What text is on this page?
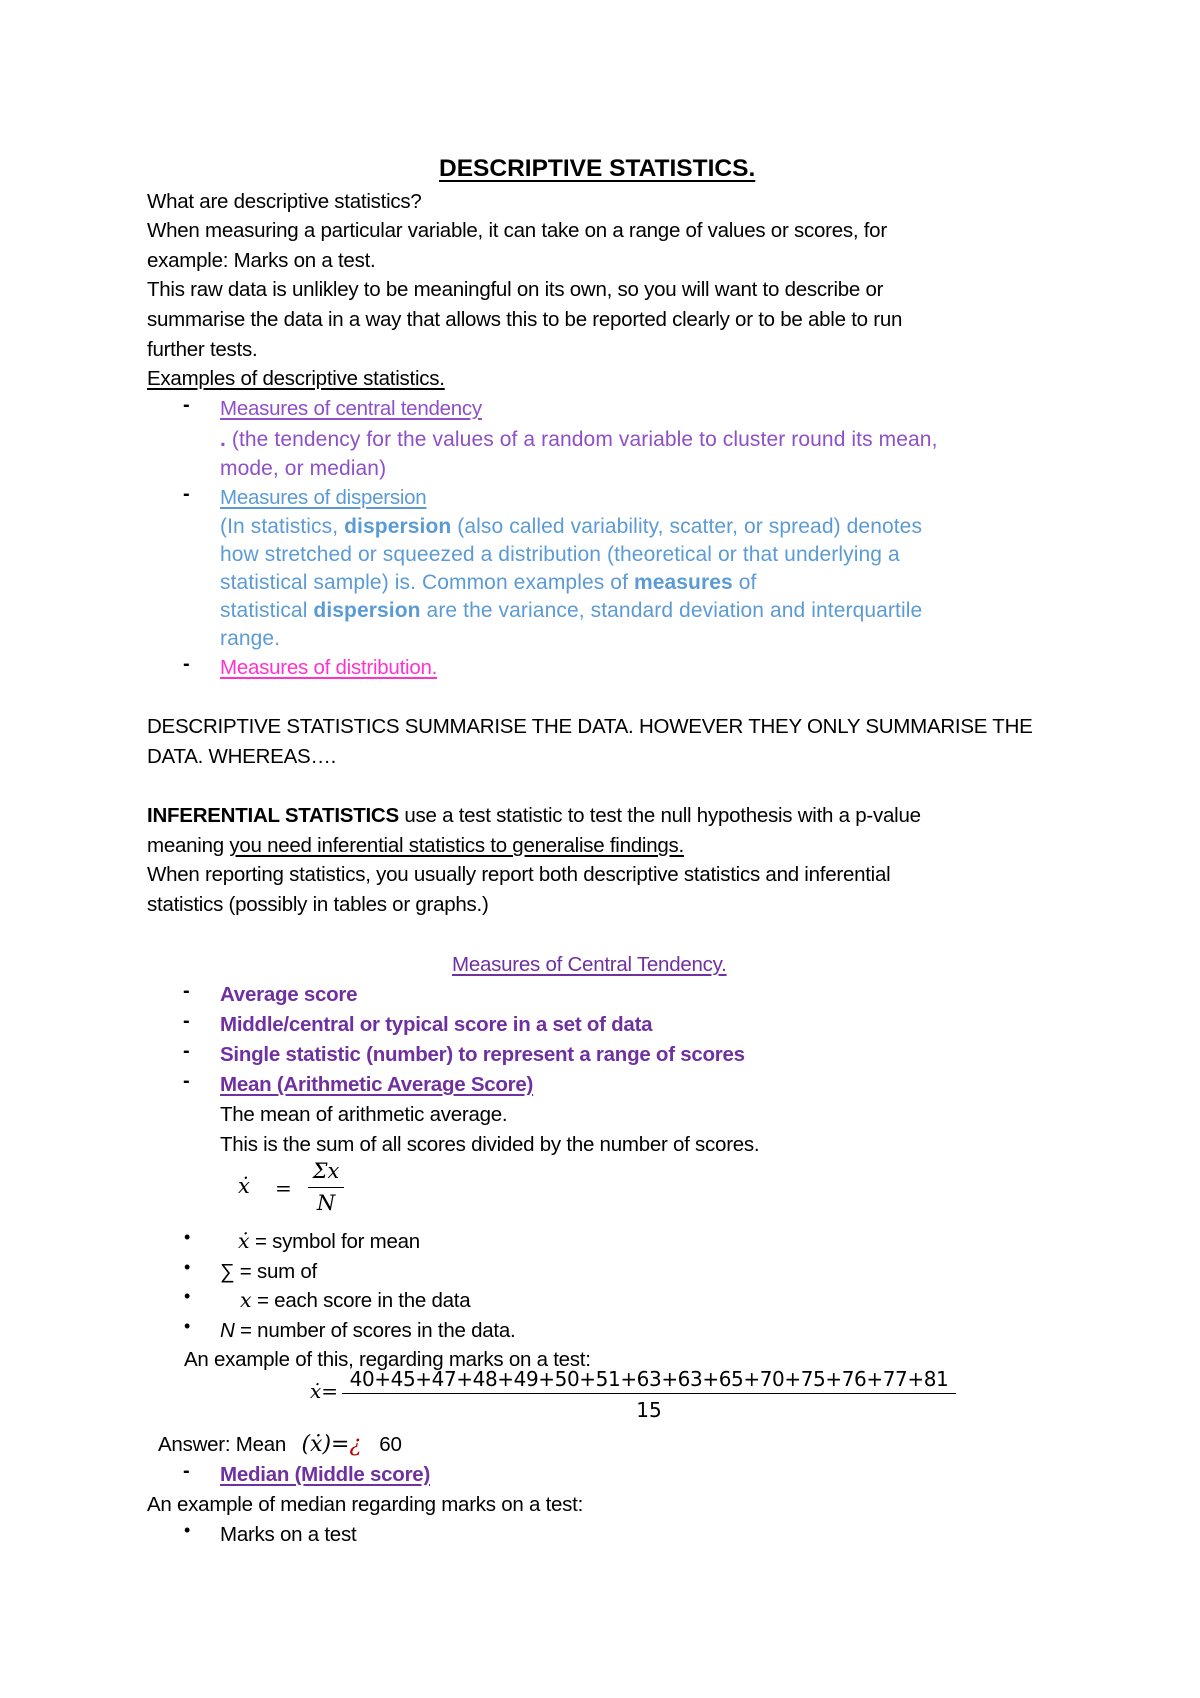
DESCRIPTIVE STATISTICS.
What are descriptive statistics?
When measuring a particular variable, it can take on a range of values or scores, for
example: Marks on a test.
This raw data is unlikley to be meaningful on its own, so you will want to describe or
summarise the data in a way that allows this to be reported clearly or to be able to run
further tests.
Examples of descriptive statistics.
- Measures of central tendency
. (the tendency for the values of a random variable to cluster round its mean,
mode, or median)
- Measures of dispersion
(In statistics, dispersion (also called variability, scatter, or spread) denotes
how stretched or squeezed a distribution (theoretical or that underlying a
statistical sample) is. Common examples of measures of
statistical dispersion are the variance, standard deviation and interquartile
range.
- Measures of distribution.
DESCRIPTIVE STATISTICS SUMMARISE THE DATA. HOWEVER THEY ONLY SUMMARISE THE
DATA. WHEREAS….
INFERENTIAL STATISTICS use a test statistic to test the null hypothesis with a p-value
meaning you need inferential statistics to generalise findings.
When reporting statistics, you usually report both descriptive statistics and inferential
statistics (possibly in tables or graphs.)
Measures of Central Tendency.
- Average score
- Middle/central or typical score in a set of data
- Single statistic (number) to represent a range of scores
- Mean (Arithmetic Average Score)
The mean of arithmetic average.
This is the sum of all scores divided by the number of scores.
ẋ =
Σx
N
• ẋ = symbol for mean
• ∑ = sum of
• x = each score in the data
• N = number of scores in the data.
An example of this, regarding marks on a test:
ẋ= 40+45+47+48+49+50+51+63+63+65+70+75+76+77+81
15
Answer: Mean (ẋ)=¿ 60
- Median (Middle score)
An example of median regarding marks on a test:
• Marks on a test
